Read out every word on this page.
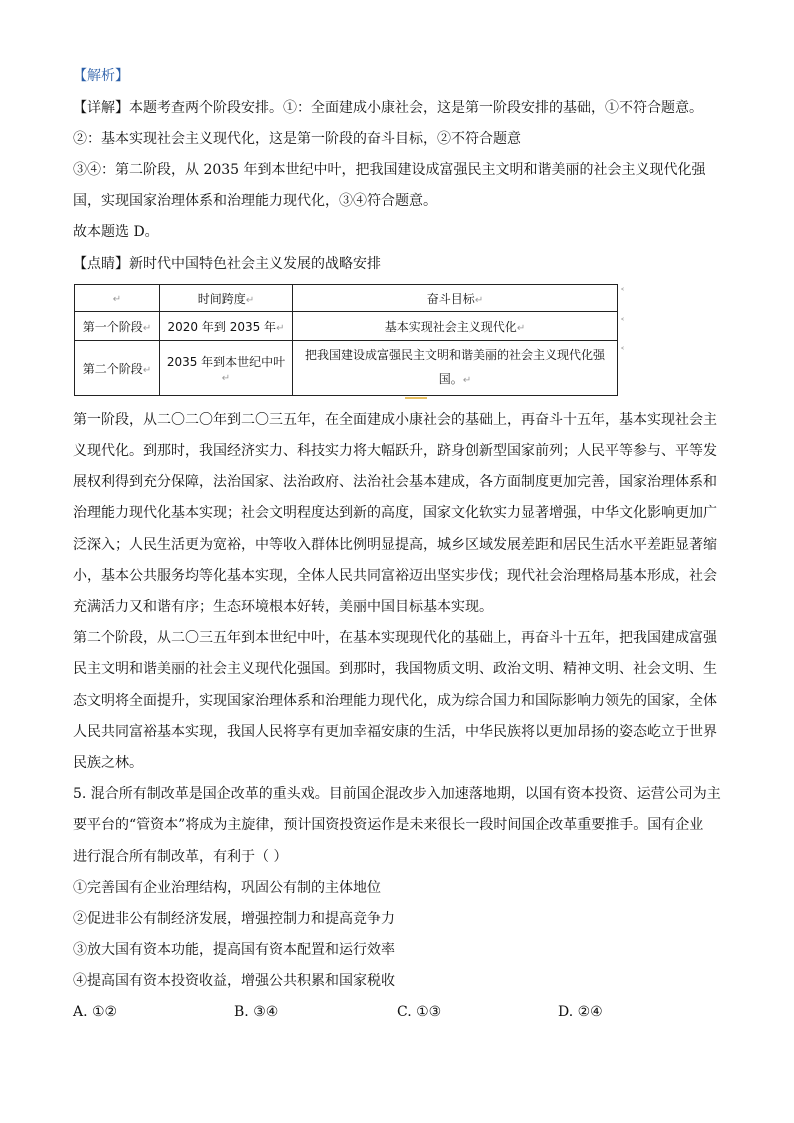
【解析】
【详解】本题考查两个阶段安排。①：全面建成小康社会，这是第一阶段安排的基础，①不符合题意。
②：基本实现社会主义现代化，这是第一阶段的奋斗目标，②不符合题意
③④：第二阶段，从 2035 年到本世纪中叶，把我国建设成富强民主文明和谐美丽的社会主义现代化强
国，实现国家治理体系和治理能力现代化，③④符合题意。
故本题选 D。
【点睛】新时代中国特色社会主义发展的战略安排
↵	时间跨度↵	奋斗目标↵
第一个阶段↵	2020 年到 2035 年↵	基本实现社会主义现代化↵
第二个阶段↵	2035 年到本世纪中叶↵	把我国建设成富强民主文明和谐美丽的社会主义现代化强国。↵
˂
˂
˂
第一阶段，从二〇二〇年到二〇三五年，在全面建成小康社会的基础上，再奋斗十五年，基本实现社会主
义现代化。到那时，我国经济实力、科技实力将大幅跃升，跻身创新型国家前列；人民平等参与、平等发
展权利得到充分保障，法治国家、法治政府、法治社会基本建成，各方面制度更加完善，国家治理体系和
治理能力现代化基本实现；社会文明程度达到新的高度，国家文化软实力显著增强，中华文化影响更加广
泛深入；人民生活更为宽裕，中等收入群体比例明显提高，城乡区域发展差距和居民生活水平差距显著缩
小，基本公共服务均等化基本实现，全体人民共同富裕迈出坚实步伐；现代社会治理格局基本形成，社会
充满活力又和谐有序；生态环境根本好转，美丽中国目标基本实现。
第二个阶段，从二〇三五年到本世纪中叶，在基本实现现代化的基础上，再奋斗十五年，把我国建成富强
民主文明和谐美丽的社会主义现代化强国。到那时，我国物质文明、政治文明、精神文明、社会文明、生
态文明将全面提升，实现国家治理体系和治理能力现代化，成为综合国力和国际影响力领先的国家，全体
人民共同富裕基本实现，我国人民将享有更加幸福安康的生活，中华民族将以更加昂扬的姿态屹立于世界
民族之林。
5. 混合所有制改革是国企改革的重头戏。目前国企混改步入加速落地期，以国有资本投资、运营公司为主
要平台的“管资本”将成为主旋律，预计国资投资运作是未来很长一段时间国企改革重要推手。国有企业
进行混合所有制改革，有利于（ ）
①完善国有企业治理结构，巩固公有制的主体地位
②促进非公有制经济发展，增强控制力和提高竞争力
③放大国有资本功能，提高国有资本配置和运行效率
④提高国有资本投资收益，增强公共积累和国家税收
A. ①②	B. ③④	C. ①③	D. ②④
